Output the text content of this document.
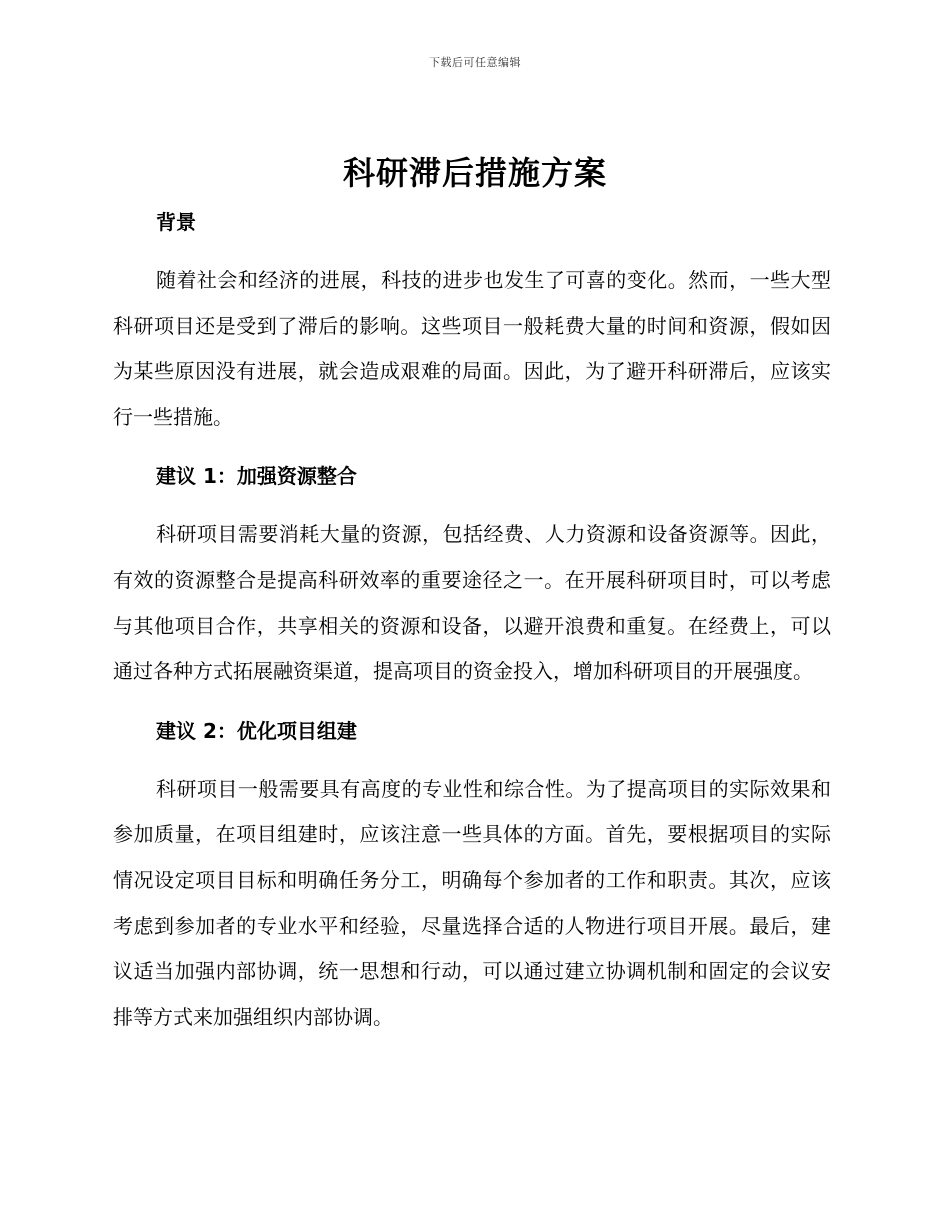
下载后可任意编辑
科研滞后措施方案
背景

随着社会和经济的进展，科技的进步也发生了可喜的变化。然而，一些大型科研项目还是受到了滞后的影响。这些项目一般耗费大量的时间和资源，假如因为某些原因没有进展，就会造成艰难的局面。因此，为了避开科研滞后，应该实行一些措施。

建议 1：加强资源整合

科研项目需要消耗大量的资源，包括经费、人力资源和设备资源等。因此，有效的资源整合是提高科研效率的重要途径之一。在开展科研项目时，可以考虑与其他项目合作，共享相关的资源和设备，以避开浪费和重复。在经费上，可以通过各种方式拓展融资渠道，提高项目的资金投入，增加科研项目的开展强度。

建议 2：优化项目组建

科研项目一般需要具有高度的专业性和综合性。为了提高项目的实际效果和参加质量，在项目组建时，应该注意一些具体的方面。首先，要根据项目的实际情况设定项目目标和明确任务分工，明确每个参加者的工作和职责。其次，应该考虑到参加者的专业水平和经验，尽量选择合适的人物进行项目开展。最后，建议适当加强内部协调，统一思想和行动，可以通过建立协调机制和固定的会议安排等方式来加强组织内部协调。
